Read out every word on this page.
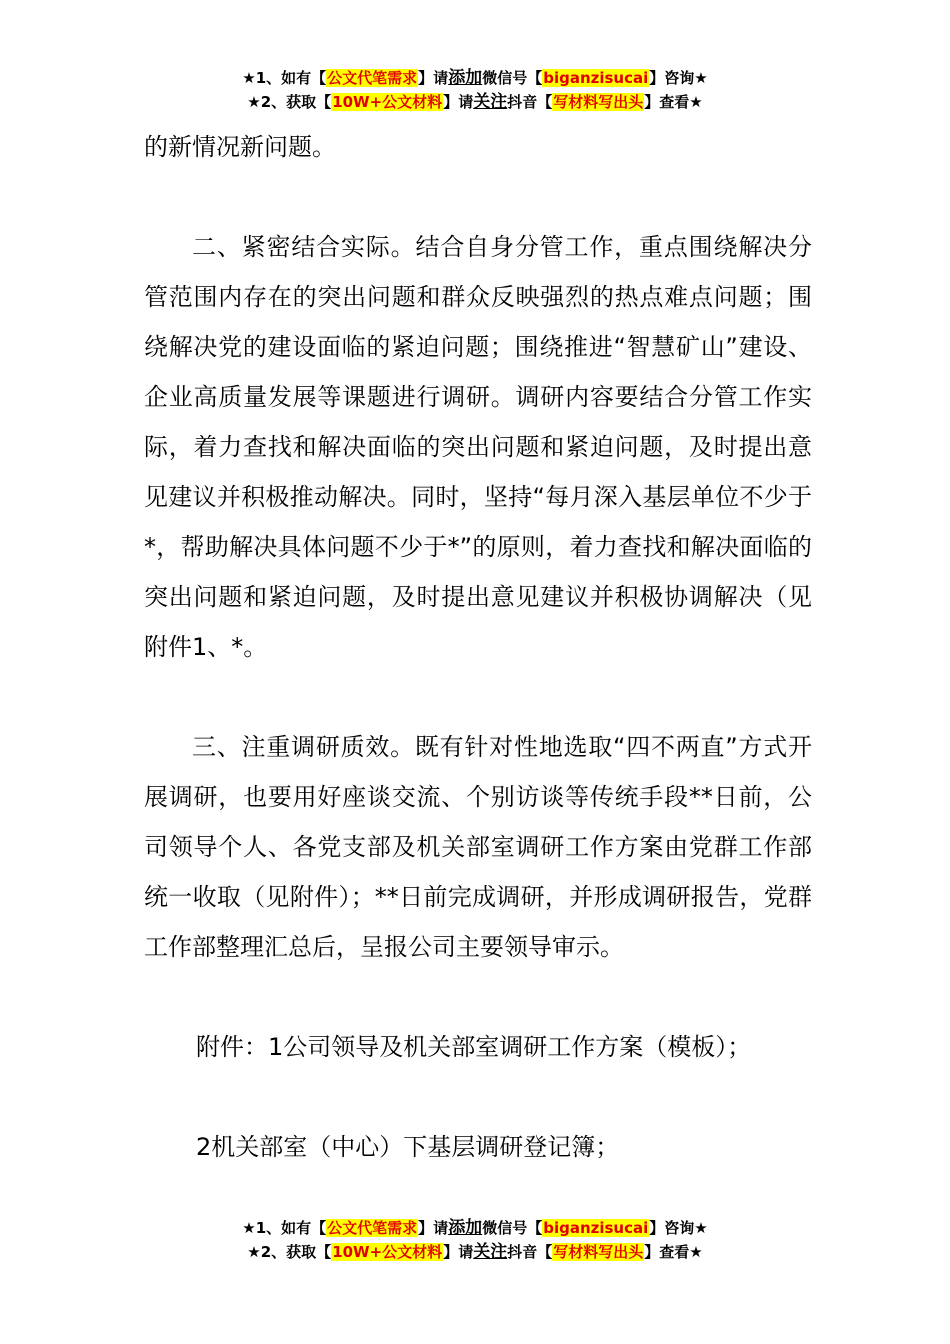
★1、如有【公文代笔需求】请添加微信号【biganzisucai】咨询★
★2、获取【10W+公文材料】请关注抖音【写材料写出头】查看★

的新情况新问题。

二、紧密结合实际。结合自身分管工作，重点围绕解决分管范围内存在的突出问题和群众反映强烈的热点难点问题；围绕解决党的建设面临的紧迫问题；围绕推进“智慧矿山”建设、企业高质量发展等课题进行调研。调研内容要结合分管工作实际，着力查找和解决面临的突出问题和紧迫问题，及时提出意见建议并积极推动解决。同时，坚持“每月深入基层单位不少于*，帮助解决具体问题不少于*”的原则，着力查找和解决面临的突出问题和紧迫问题，及时提出意见建议并积极协调解决（见附件1、*。

三、注重调研质效。既有针对性地选取“四不两直”方式开展调研，也要用好座谈交流、个别访谈等传统手段**日前，公司领导个人、各党支部及机关部室调研工作方案由党群工作部统一收取（见附件）；**日前完成调研，并形成调研报告，党群工作部整理汇总后，呈报公司主要领导审示。

附件：1公司领导及机关部室调研工作方案（模板）；

2机关部室（中心）下基层调研登记簿；

★1、如有【公文代笔需求】请添加微信号【biganzisucai】咨询★
★2、获取【10W+公文材料】请关注抖音【写材料写出头】查看★
